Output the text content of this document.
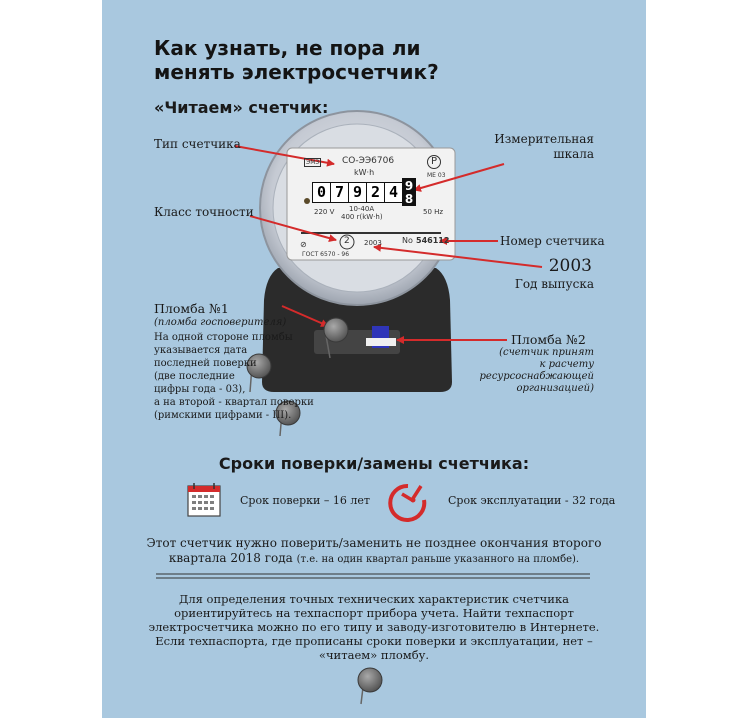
Как узнать, не пора ли
менять электросчетчик?
«Читаем» счетчик:
ЭМЗ	СО-ЭЭ6706
kW·h
Р
ME 03
0 7 9 2 4 9
8
220 V 10-40A
400 r(kW·h)
50 Hz
⊘	2 2003	No 546112
ГОСТ 6570 - 96
Тип счетчика	Измерительная
шкала
Класс точности
Номер счетчика
2003
Год выпуска
Пломба №1
(пломба госповерителя)
На одной стороне пломбы
указывается дата
последней поверки
(две последние
цифры года - 03),
а на второй - квартал поверки
(римскими цифрами - III).
Пломба №2
(счетчик принят
к расчету
ресурсоснабжающей
организацией)
Сроки поверки/замены счетчика:
Срок поверки – 16 лет	Срок эксплуатации - 32 года
Этот счетчик нужно поверить/заменить не позднее окончания второго
квартала 2018 года (т.е. на один квартал раньше указанного на пломбе).
Для определения точных технических характеристик счетчика
ориентируйтесь на техпаспорт прибора учета. Найти техпаспорт
электросчетчика можно по его типу и заводу-изготовителю в Интернете.
Если техпаспорта, где прописаны сроки поверки и эксплуатации, нет –
«читаем» пломбу.
